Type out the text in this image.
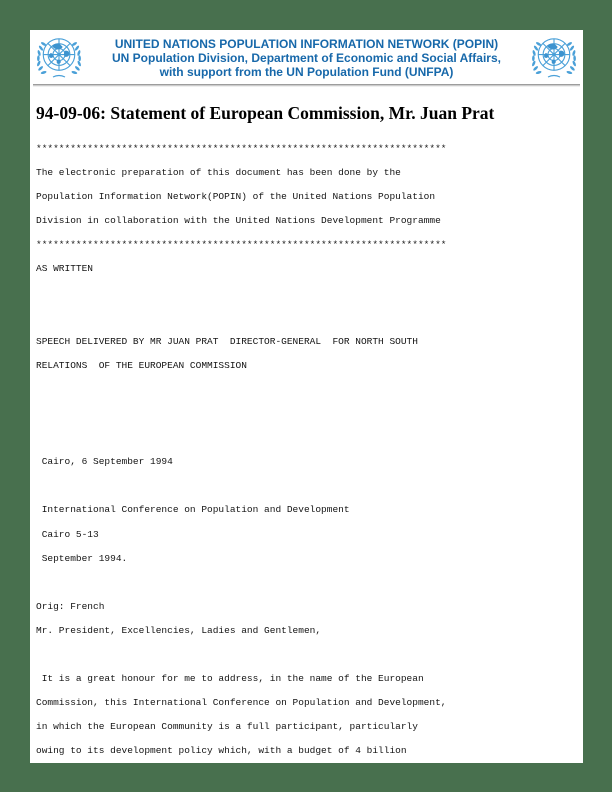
UNITED NATIONS POPULATION INFORMATION NETWORK (POPIN)
UN Population Division, Department of Economic and Social Affairs,
with support from the UN Population Fund (UNFPA)
94-09-06: Statement of European Commission, Mr. Juan Prat
************************************************************************
The electronic preparation of this document has been done by the
Population Information Network(POPIN) of the United Nations Population
Division in collaboration with the United Nations Development Programme
************************************************************************
AS WRITTEN
SPEECH DELIVERED BY MR JUAN PRAT  DIRECTOR-GENERAL  FOR NORTH SOUTH
RELATIONS  OF THE EUROPEAN COMMISSION
Cairo, 6 September 1994
International Conference on Population and Development
Cairo 5-13
September 1994.
Orig: French
Mr. President, Excellencies, Ladies and Gentlemen,
It is a great honour for me to address, in the name of the European
Commission, this International Conference on Population and Development,
in which the European Community is a full participant, particularly
owing to its development policy which, with a budget of 4 billion
